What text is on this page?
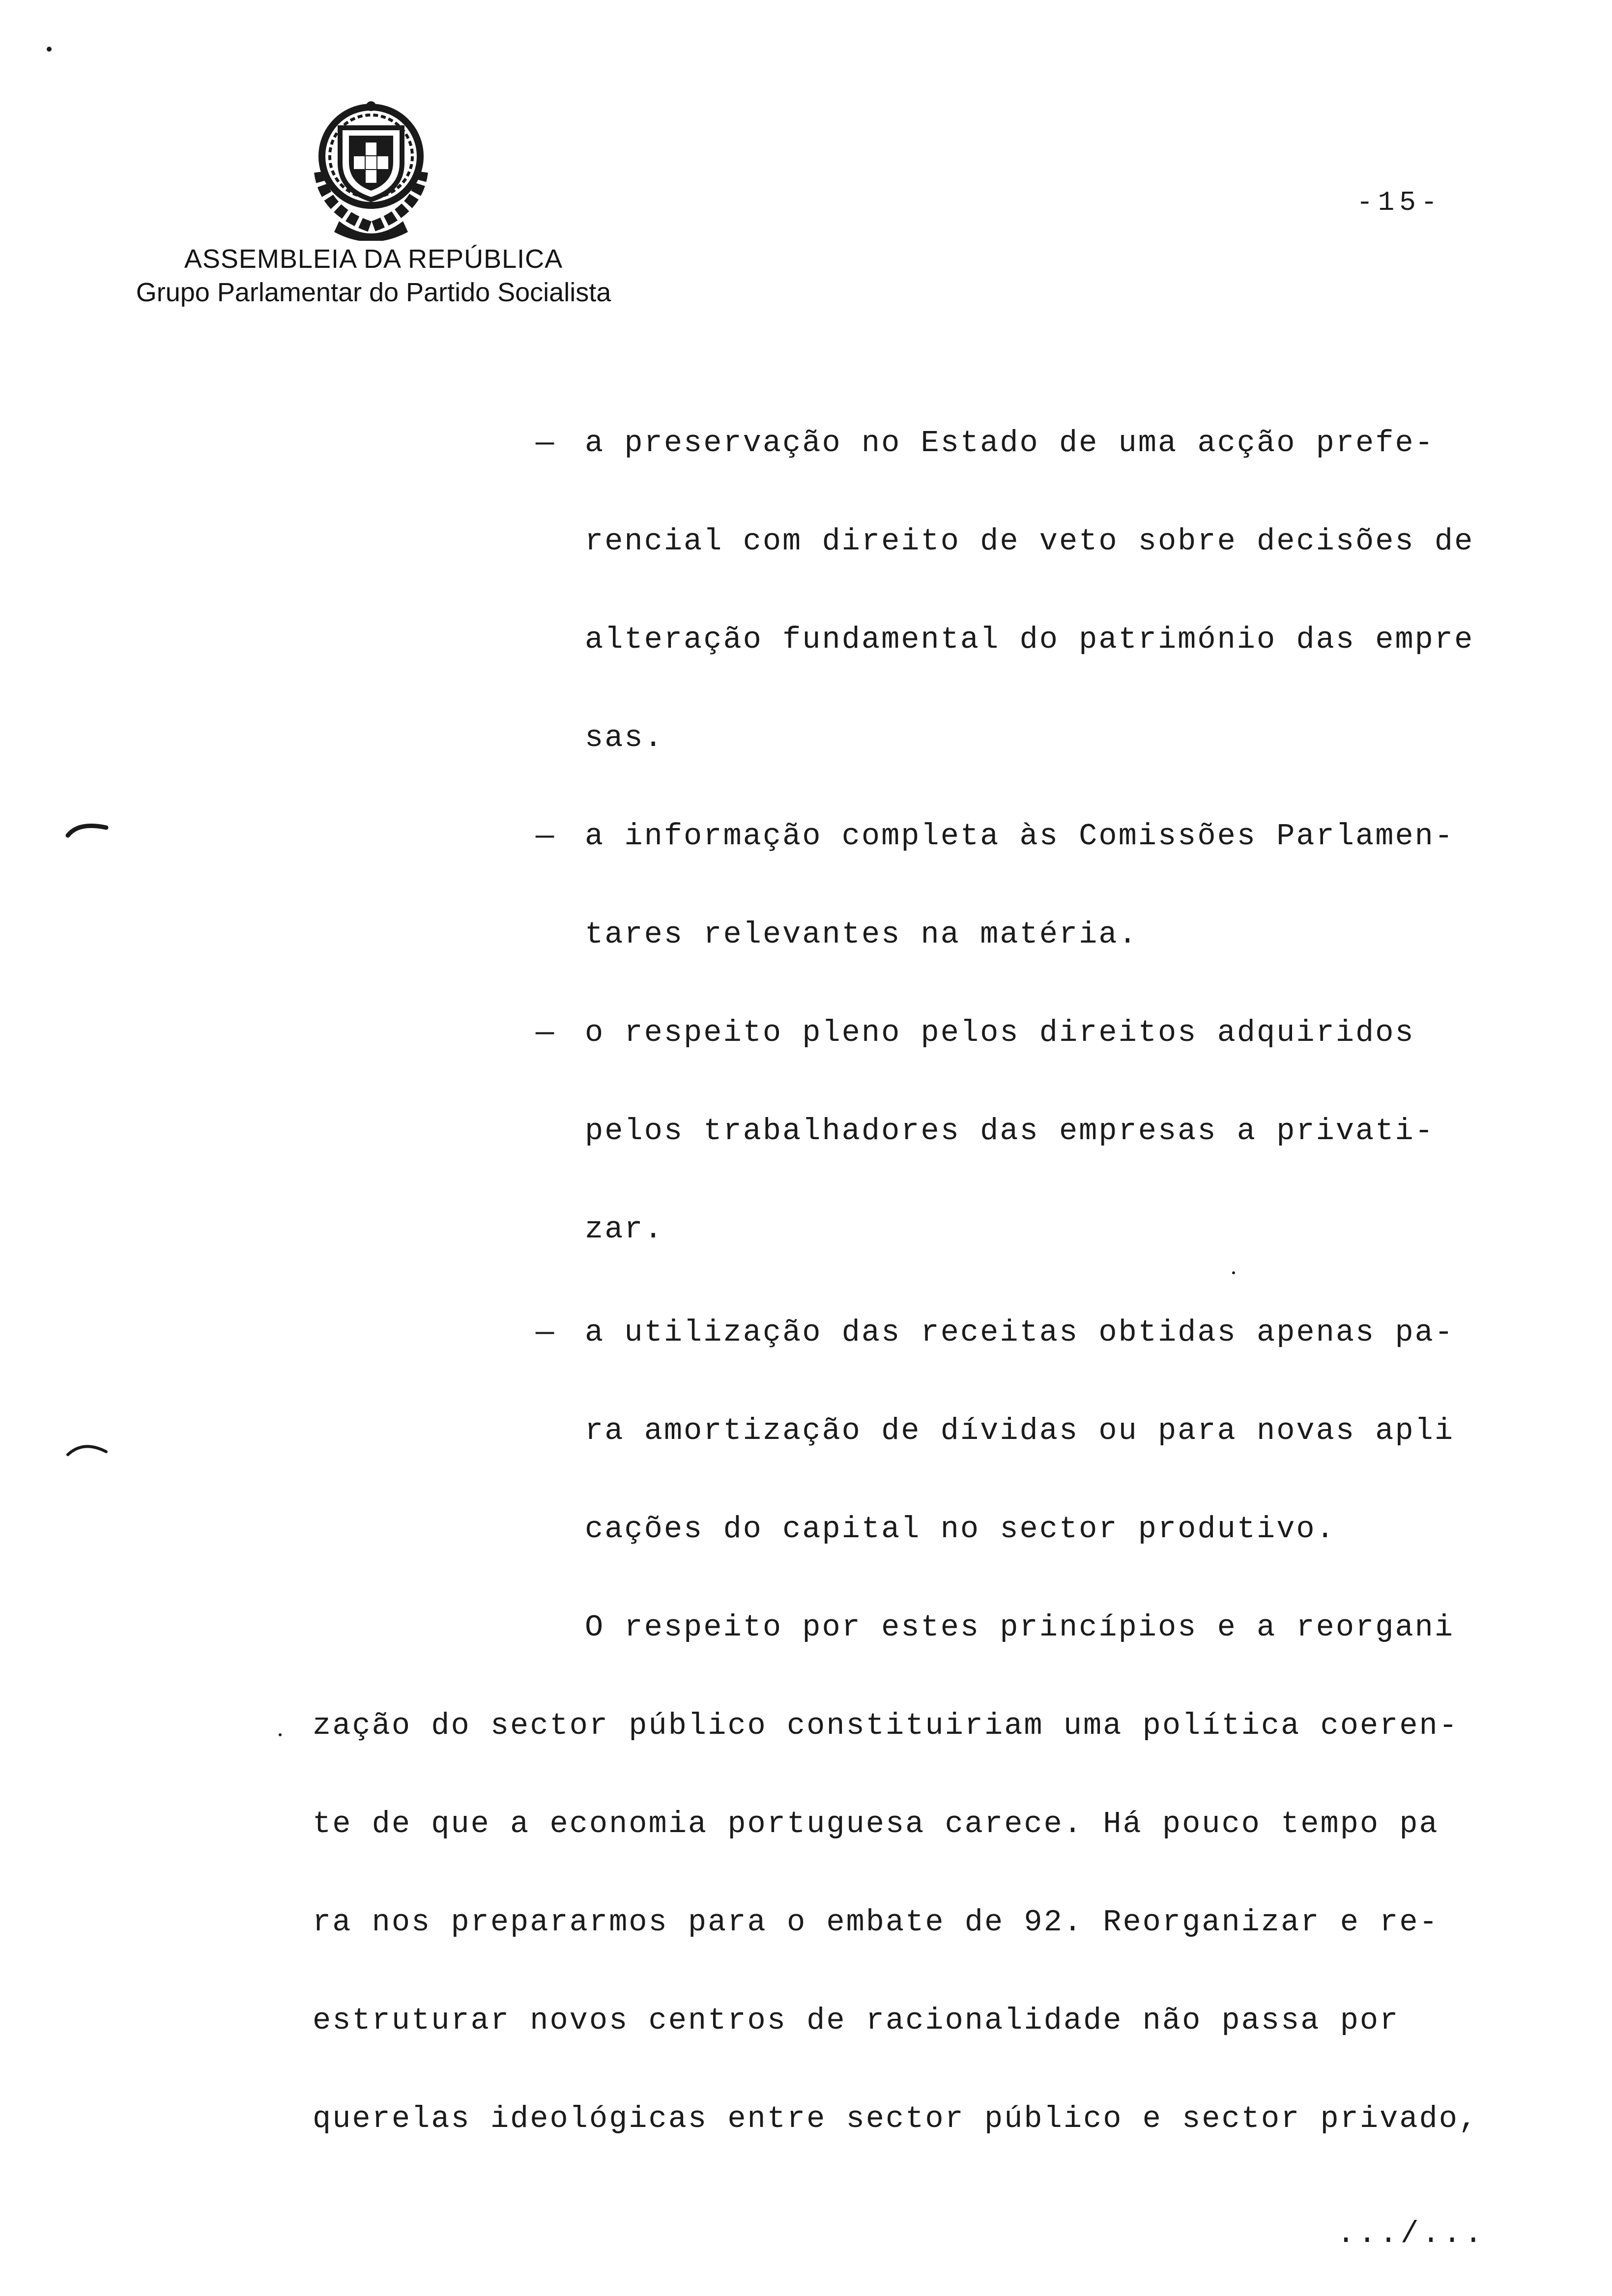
ASSEMBLEIA DA REPÚBLICA
Grupo Parlamentar do Partido Socialista
-15-
— a preservação no Estado de uma acção prefe-
rencial com direito de veto sobre decisões de
alteração fundamental do património das empre
sas.
— a informação completa às Comissões Parlamen-
tares relevantes na matéria.
— o respeito pleno pelos direitos adquiridos
pelos trabalhadores das empresas a privati-
zar.
— a utilização das receitas obtidas apenas pa-
ra amortização de dívidas ou para novas apli
cações do capital no sector produtivo.
O respeito por estes princípios e a reorgani
zação do sector público constituiriam uma política coeren-
te de que a economia portuguesa carece. Há pouco tempo pa
ra nos prepararmos para o embate de 92. Reorganizar e re-
estruturar novos centros de racionalidade não passa por
querelas ideológicas entre sector público e sector privado,
.../...
